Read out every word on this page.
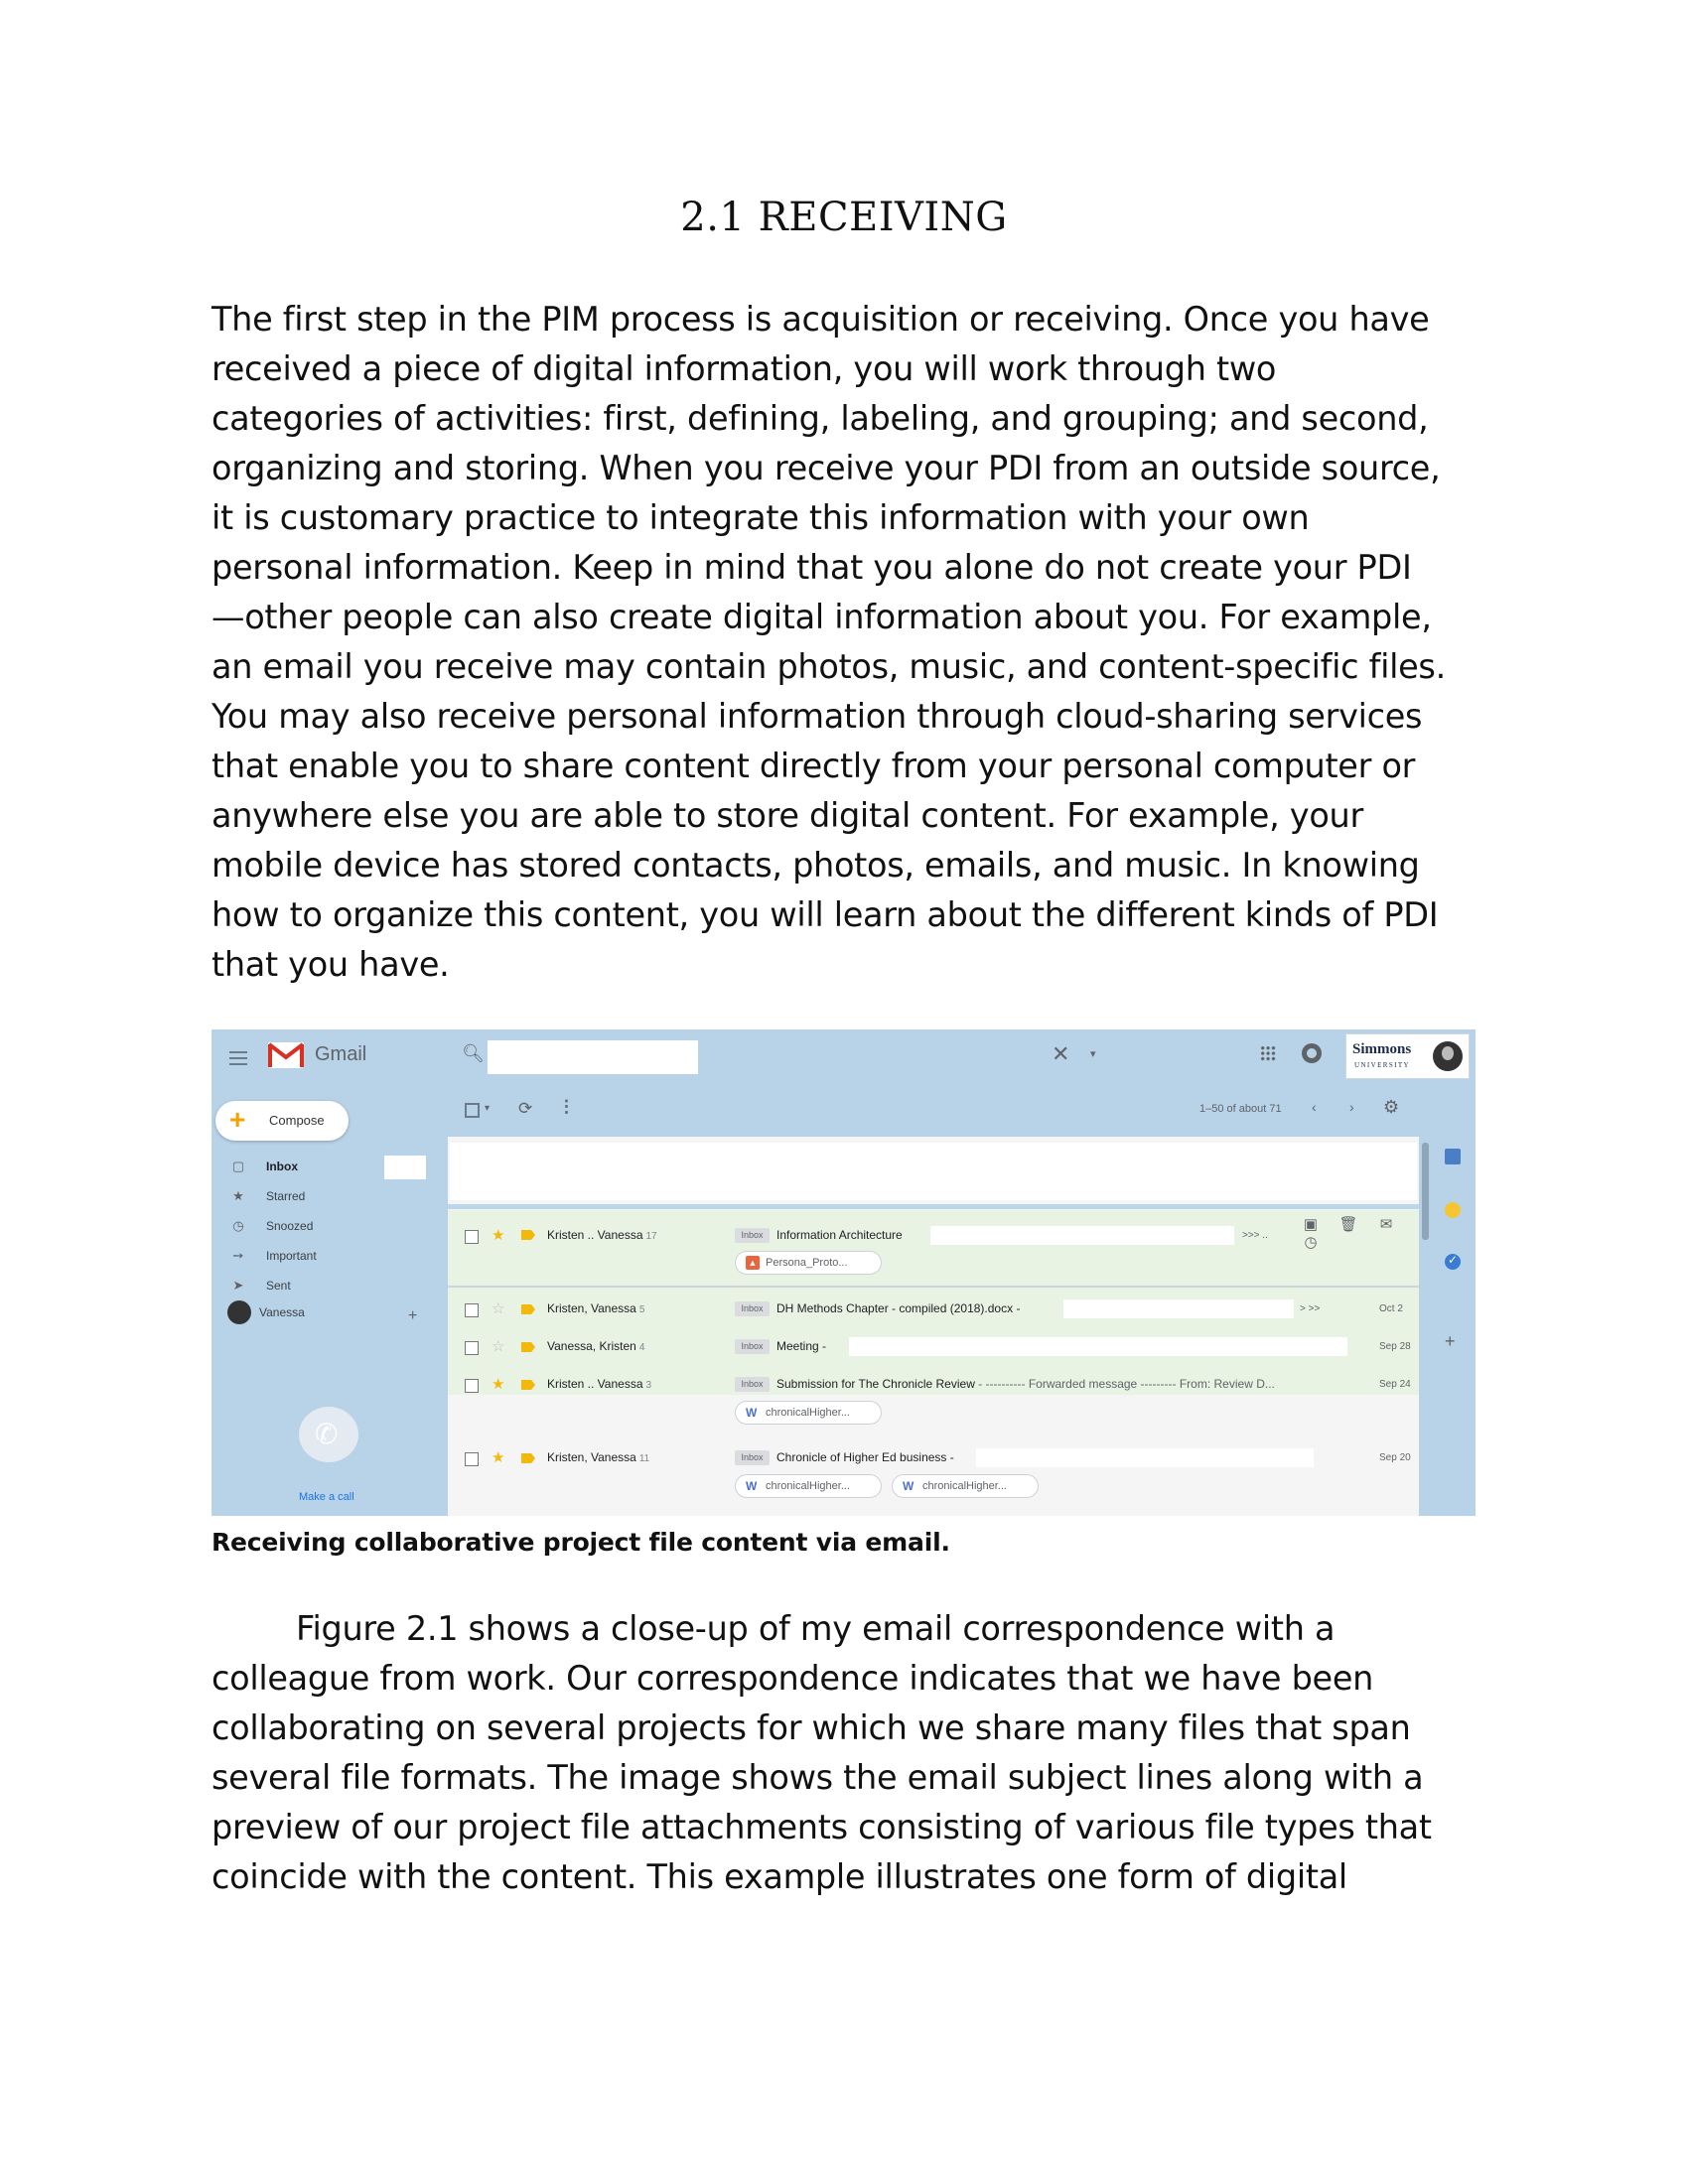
2.1 RECEIVING

The first step in the PIM process is acquisition or receiving. Once you have
received a piece of digital information, you will work through two
categories of activities: first, defining, labeling, and grouping; and second,
organizing and storing. When you receive your PDI from an outside source,
it is customary practice to integrate this information with your own
personal information. Keep in mind that you alone do not create your PDI
—other people can also create digital information about you. For example,
an email you receive may contain photos, music, and content-specific files.
You may also receive personal information through cloud-sharing services
that enable you to share content directly from your personal computer or
anywhere else you are able to store digital content. For example, your
mobile device has stored contacts, photos, emails, and music. In knowing
how to organize this content, you will learn about the different kinds of PDI
that you have.

Gmail	🔍︎	✕ ▾	Simmons
UNIVERSITY
+ Compose
▢ Inbox
★ Starred
◷ Snoozed
➙ Important
➤ Sent
Vanessa	+
✆
Make a call
▾ ⟳ ⋮	1–50 of about 71 ‹ › ⚙
★	Kristen .. Vanessa 17	Inbox	Information Architecture	>>> ..
▣ 🗑︎ ✉◷
▲ Persona_Proto...
☆	Kristen, Vanessa 5	Inbox	DH Methods Chapter - compiled (2018).docx -	> >>	Oct 2
☆	Vanessa, Kristen 4	Inbox	Meeting -	Sep 28
★	Kristen .. Vanessa 3	Inbox	Submission for The Chronicle Review - ---------- Forwarded message --------- From: Review D...	Sep 24
W chronicalHigher...
★	Kristen, Vanessa 11	Inbox	Chronicle of Higher Ed business -	Sep 20
W chronicalHigher...	W chronicalHigher...
✓
+

Receiving collaborative project file content via email.

Figure 2.1 shows a close-up of my email correspondence with a
colleague from work. Our correspondence indicates that we have been
collaborating on several projects for which we share many files that span
several file formats. The image shows the email subject lines along with a
preview of our project file attachments consisting of various file types that
coincide with the content. This example illustrates one form of digital
